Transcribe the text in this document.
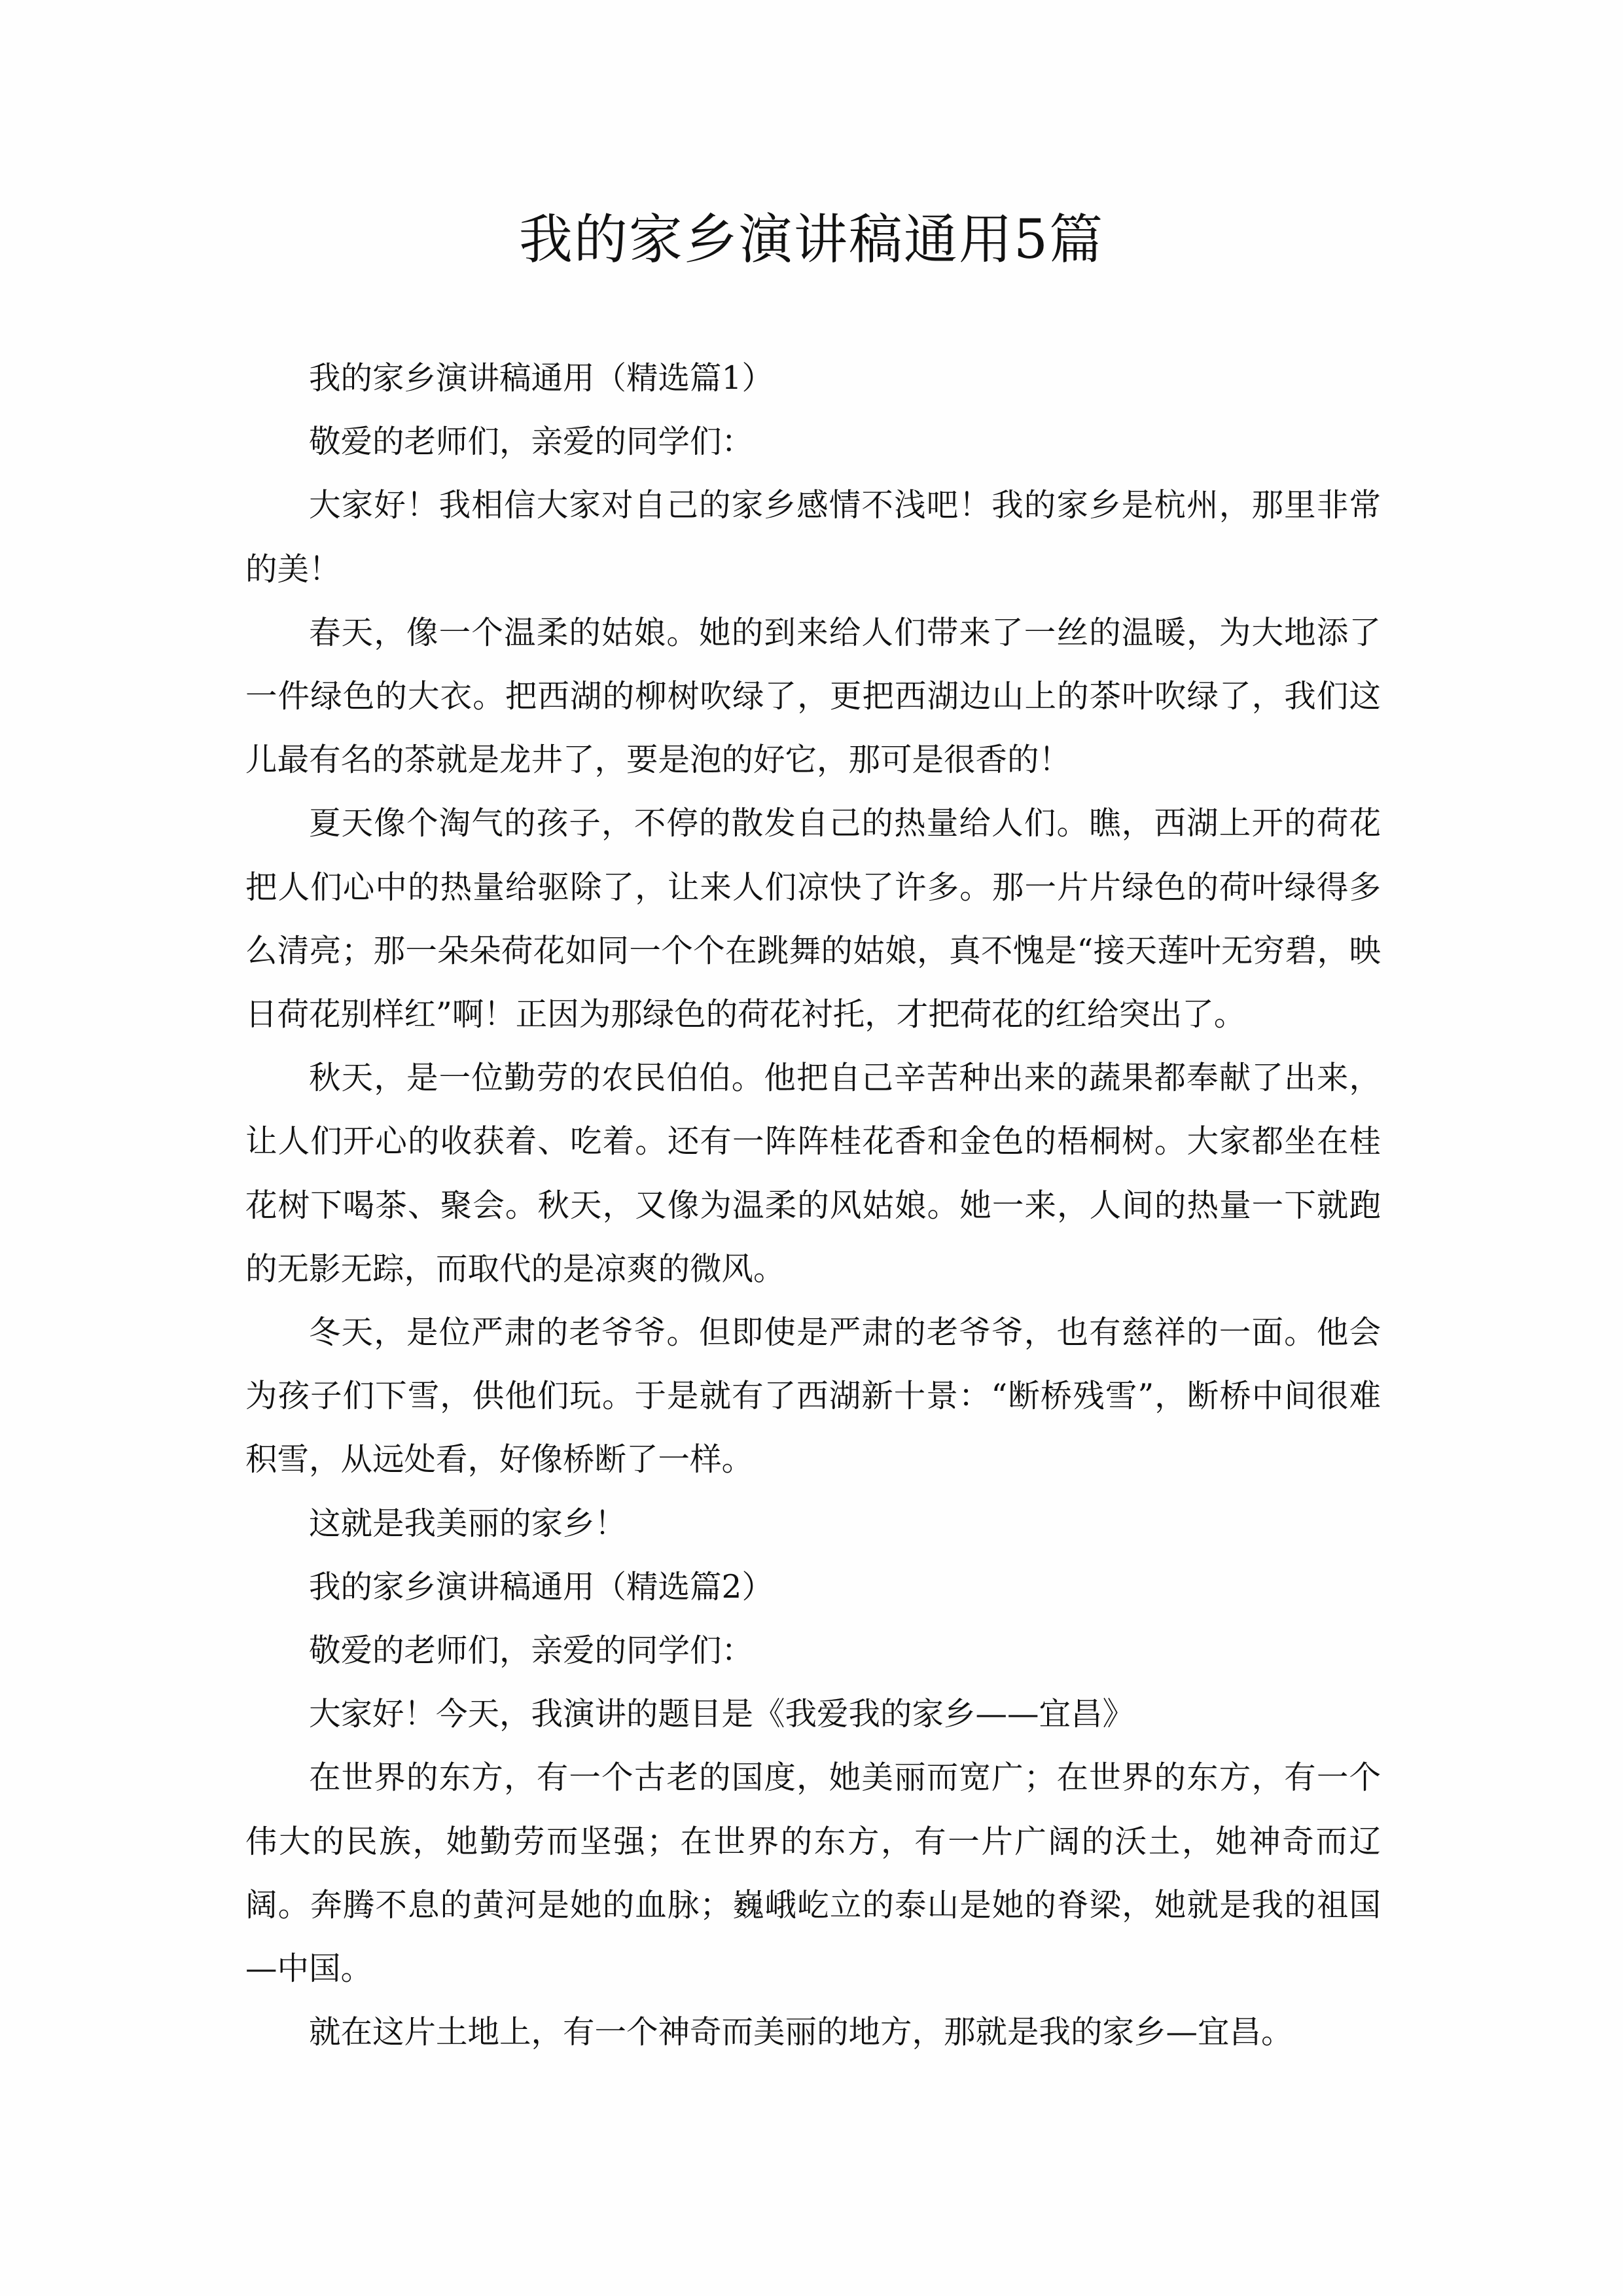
我的家乡演讲稿通用5篇

我的家乡演讲稿通用（精选篇1）

敬爱的老师们，亲爱的同学们：

大家好！我相信大家对自己的家乡感情不浅吧！我的家乡是杭州，那里非常的美！

春天，像一个温柔的姑娘。她的到来给人们带来了一丝的温暖，为大地添了一件绿色的大衣。把西湖的柳树吹绿了，更把西湖边山上的茶叶吹绿了，我们这儿最有名的茶就是龙井了，要是泡的好它，那可是很香的！

夏天像个淘气的孩子，不停的散发自己的热量给人们。瞧，西湖上开的荷花把人们心中的热量给驱除了，让来人们凉快了许多。那一片片绿色的荷叶绿得多么清亮；那一朵朵荷花如同一个个在跳舞的姑娘，真不愧是“接天莲叶无穷碧，映日荷花别样红”啊！正因为那绿色的荷花衬托，才把荷花的红给突出了。

秋天，是一位勤劳的农民伯伯。他把自己辛苦种出来的蔬果都奉献了出来，让人们开心的收获着、吃着。还有一阵阵桂花香和金色的梧桐树。大家都坐在桂花树下喝茶、聚会。秋天，又像为温柔的风姑娘。她一来，人间的热量一下就跑的无影无踪，而取代的是凉爽的微风。

冬天，是位严肃的老爷爷。但即使是严肃的老爷爷，也有慈祥的一面。他会为孩子们下雪，供他们玩。于是就有了西湖新十景：“断桥残雪”，断桥中间很难积雪，从远处看，好像桥断了一样。

这就是我美丽的家乡！

我的家乡演讲稿通用（精选篇2）

敬爱的老师们，亲爱的同学们：

大家好！今天，我演讲的题目是《我爱我的家乡——宜昌》

在世界的东方，有一个古老的国度，她美丽而宽广；在世界的东方，有一个伟大的民族，她勤劳而坚强；在世界的东方，有一片广阔的沃土，她神奇而辽阔。奔腾不息的黄河是她的血脉；巍峨屹立的泰山是她的脊梁，她就是我的祖国—中国。

就在这片土地上，有一个神奇而美丽的地方，那就是我的家乡—宜昌。
